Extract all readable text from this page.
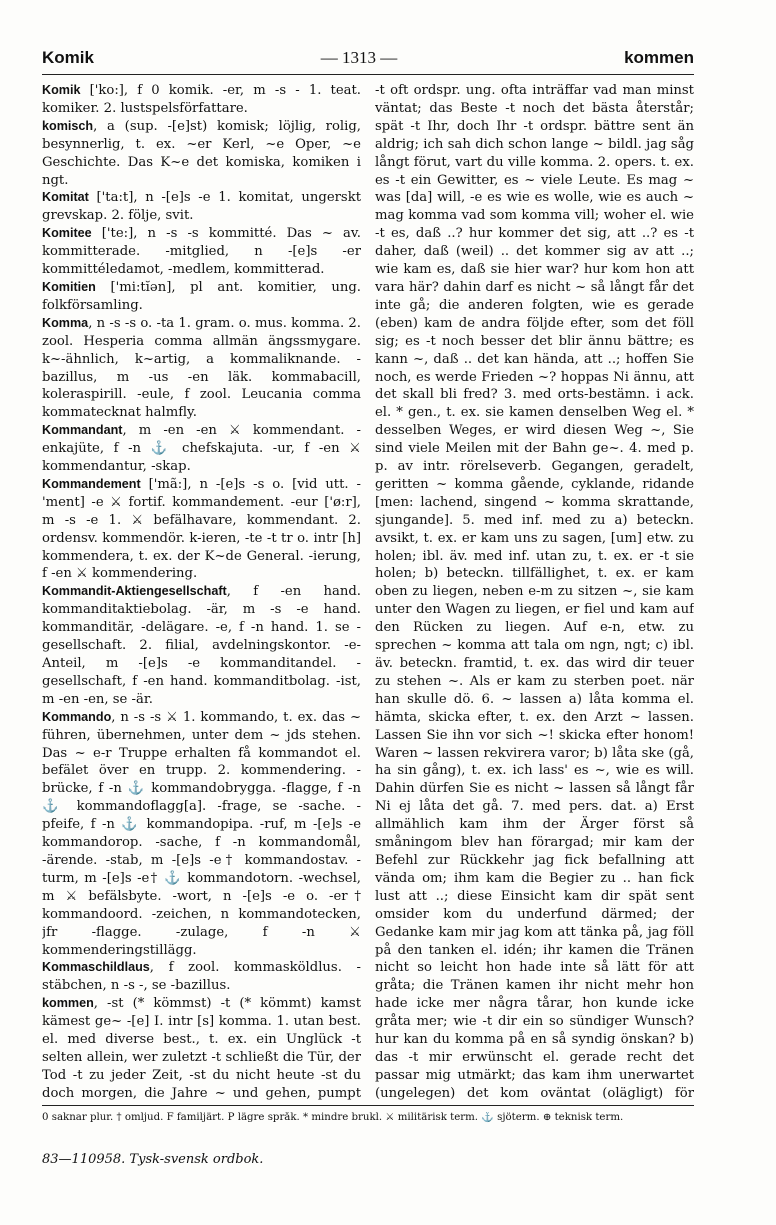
Komik	— 1313 —	kommen

Komik ['ko:], f 0 komik. -er, m -s - 1. teat. komiker. 2. lustspelsförfattare.

komisch, a (sup. -[e]st) komisk; löjlig, rolig, besynnerlig, t. ex. ~er Kerl, ~e Oper, ~e Geschichte. Das K~e det komiska, komiken i ngt.

Komitat ['ta:t], n -[e]s -e 1. komitat, ungerskt grevskap. 2. följe, svit.

Komitee ['te:], n -s -s kommitté. Das ~ av. kommitterade. -mitglied, n -[e]s -er kommittéledamot, -medlem, kommitterad.

Komitien ['mi:tĭən], pl ant. komitier, ung. folkförsamling.

Komma, n -s -s o. -ta 1. gram. o. mus. komma. 2. zool. Hesperia comma allmän ängssmygare. k~-ähnlich, k~artig, a kommaliknande. -bazillus, m -us -en läk. kommabacill, koleraspirill. -eule, f zool. Leucania comma kommatecknat halmfly.

Kommandant, m -en -en ⚔ kommendant. -enkajüte, f -n ⚓ chefskajuta. -ur, f -en ⚔ kommendantur, -skap.

Kommandement ['mã:], n -[e]s -s o. [vid utt. -'ment] -e ⚔ fortif. kommandement. -eur ['ø:r], m -s -e 1. ⚔ befälhavare, kommendant. 2. ordensv. kommendör. k-ieren, -te -t tr o. intr [h] kommendera, t. ex. der K~de General. -ierung, f -en ⚔ kommendering.

Kommandit-Aktiengesellschaft, f -en hand. kommanditaktiebolag. -är, m -s -e hand. kommanditär, -delägare. -e, f -n hand. 1. se -gesellschaft. 2. filial, avdelningskontor. -e-Anteil, m -[e]s -e kommanditandel. -gesellschaft, f -en hand. kommanditbolag. -ist, m -en -en, se -är.

Kommando, n -s -s ⚔ 1. kommando, t. ex. das ~ führen, übernehmen, unter dem ~ jds stehen. Das ~ e-r Truppe erhalten få kommandot el. befälet över en trupp. 2. kommendering. -brücke, f -n ⚓ kommandobrygga. -flagge, f -n ⚓ kommandoflagg[a]. -frage, se -sache. -pfeife, f -n ⚓ kommandopipa. -ruf, m -[e]s -e kommandorop. -sache, f -n kommandomål, -ärende. -stab, m -[e]s -e† kommandostav. -turm, m -[e]s -e† ⚓ kommandotorn. -wechsel, m ⚔ befälsbyte. -wort, n -[e]s -e o. -er† kommandoord. -zeichen, n kommandotecken, jfr -flagge. -zulage, f -n ⚔ kommenderingstillägg.

Kommaschildlaus, f zool. kommasköldlus. -stäbchen, n -s -, se -bazillus.

kommen, -st (* kömmst) -t (* kömmt) kamst kämest ge~ -[e] I. intr [s] komma. 1. utan best. el. med diverse best., t. ex. ein Unglück -t selten allein, wer zuletzt -t schließt die Tür, der Tod -t zu jeder Zeit, -st du nicht heute -st du doch morgen, die Jahre ~ und gehen, pumpt

-t oft ordspr. ung. ofta inträffar vad man minst väntat; das Beste -t noch det bästa återstår; spät -t Ihr, doch Ihr -t ordspr. bättre sent än aldrig; ich sah dich schon lange ~ bildl. jag såg långt förut, vart du ville komma. 2. opers. t. ex. es -t ein Gewitter, es ~ viele Leute. Es mag ~ was [da] will, -e es wie es wolle, wie es auch ~ mag komma vad som komma vill; woher el. wie -t es, daß ..? hur kommer det sig, att ..? es -t daher, daß (weil) .. det kommer sig av att ..; wie kam es, daß sie hier war? hur kom hon att vara här? dahin darf es nicht ~ så långt får det inte gå; die anderen folgten, wie es gerade (eben) kam de andra följde efter, som det föll sig; es -t noch besser det blir ännu bättre; es kann ~, daß .. det kan hända, att ..; hoffen Sie noch, es werde Frieden ~? hoppas Ni ännu, att det skall bli fred? 3. med orts-bestämn. i ack. el. * gen., t. ex. sie kamen denselben Weg el. * desselben Weges, er wird diesen Weg ~, Sie sind viele Meilen mit der Bahn ge~. 4. med p. p. av intr. rörelseverb. Gegangen, geradelt, geritten ~ komma gående, cyklande, ridande [men: lachend, singend ~ komma skrattande, sjungande]. 5. med inf. med zu a) beteckn. avsikt, t. ex. er kam uns zu sagen, [um] etw. zu holen; ibl. äv. med inf. utan zu, t. ex. er -t sie holen; b) beteckn. tillfällighet, t. ex. er kam oben zu liegen, neben e-m zu sitzen ~, sie kam unter den Wagen zu liegen, er fiel und kam auf den Rücken zu liegen. Auf e-n, etw. zu sprechen ~ komma att tala om ngn, ngt; c) ibl. äv. beteckn. framtid, t. ex. das wird dir teuer zu stehen ~. Als er kam zu sterben poet. när han skulle dö. 6. ~ lassen a) låta komma el. hämta, skicka efter, t. ex. den Arzt ~ lassen. Lassen Sie ihn vor sich ~! skicka efter honom! Waren ~ lassen rekvirera varor; b) låta ske (gå, ha sin gång), t. ex. ich lass' es ~, wie es will. Dahin dürfen Sie es nicht ~ lassen så långt får Ni ej låta det gå. 7. med pers. dat. a) Erst allmählich kam ihm der Ärger först så småningom blev han förargad; mir kam der Befehl zur Rückkehr jag fick befallning att vända om; ihm kam die Begier zu .. han fick lust att ..; diese Einsicht kam dir spät sent omsider kom du underfund därmed; der Gedanke kam mir jag kom att tänka på, jag föll på den tanken el. idén; ihr kamen die Tränen nicht so leicht hon hade inte så lätt för att gråta; die Tränen kamen ihr nicht mehr hon hade icke mer några tårar, hon kunde icke gråta mer; wie -t dir ein so sündiger Wunsch? hur kan du komma på en så syndig önskan? b) das -t mir erwünscht el. gerade recht det passar mig utmärkt; das kam ihm unerwartet (ungelegen) det kom oväntat (olägligt) för

0 saknar plur. † omljud. F familjärt. P lägre språk. * mindre brukl. ⚔ militärisk term. ⚓ sjöterm. ⊕ teknisk term.
83—110958. Tysk-svensk ordbok.
